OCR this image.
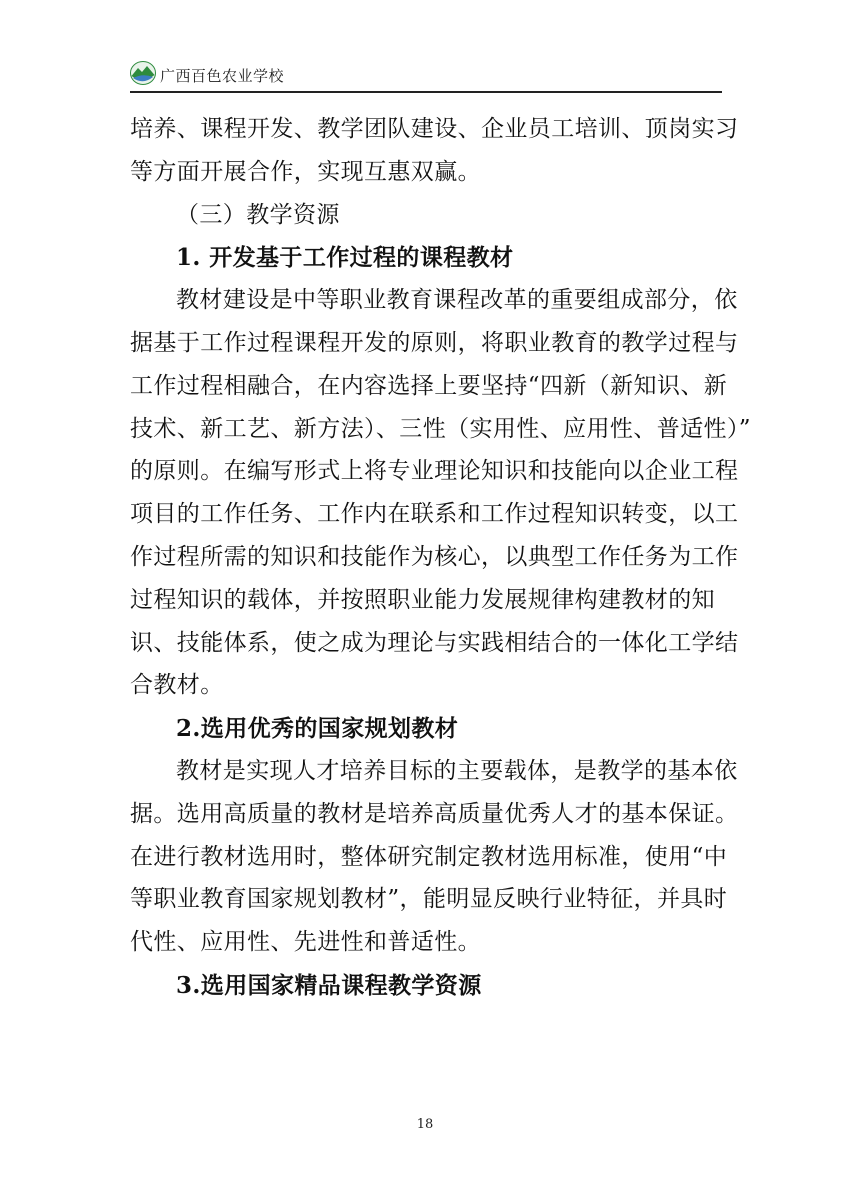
广西百色农业学校
培养、课程开发、教学团队建设、企业员工培训、顶岗实习
等方面开展合作，实现互惠双赢。
（三）教学资源
1. 开发基于工作过程的课程教材
教材建设是中等职业教育课程改革的重要组成部分，依
据基于工作过程课程开发的原则，将职业教育的教学过程与
工作过程相融合，在内容选择上要坚持“四新（新知识、新
技术、新工艺、新方法）、三性（实用性、应用性、普适性）”
的原则。在编写形式上将专业理论知识和技能向以企业工程
项目的工作任务、工作内在联系和工作过程知识转变，以工
作过程所需的知识和技能作为核心，以典型工作任务为工作
过程知识的载体，并按照职业能力发展规律构建教材的知
识、技能体系，使之成为理论与实践相结合的一体化工学结
合教材。
2.选用优秀的国家规划教材
教材是实现人才培养目标的主要载体，是教学的基本依
据。选用高质量的教材是培养高质量优秀人才的基本保证。
在进行教材选用时，整体研究制定教材选用标准，使用“中
等职业教育国家规划教材”，能明显反映行业特征，并具时
代性、应用性、先进性和普适性。
3.选用国家精品课程教学资源
18
